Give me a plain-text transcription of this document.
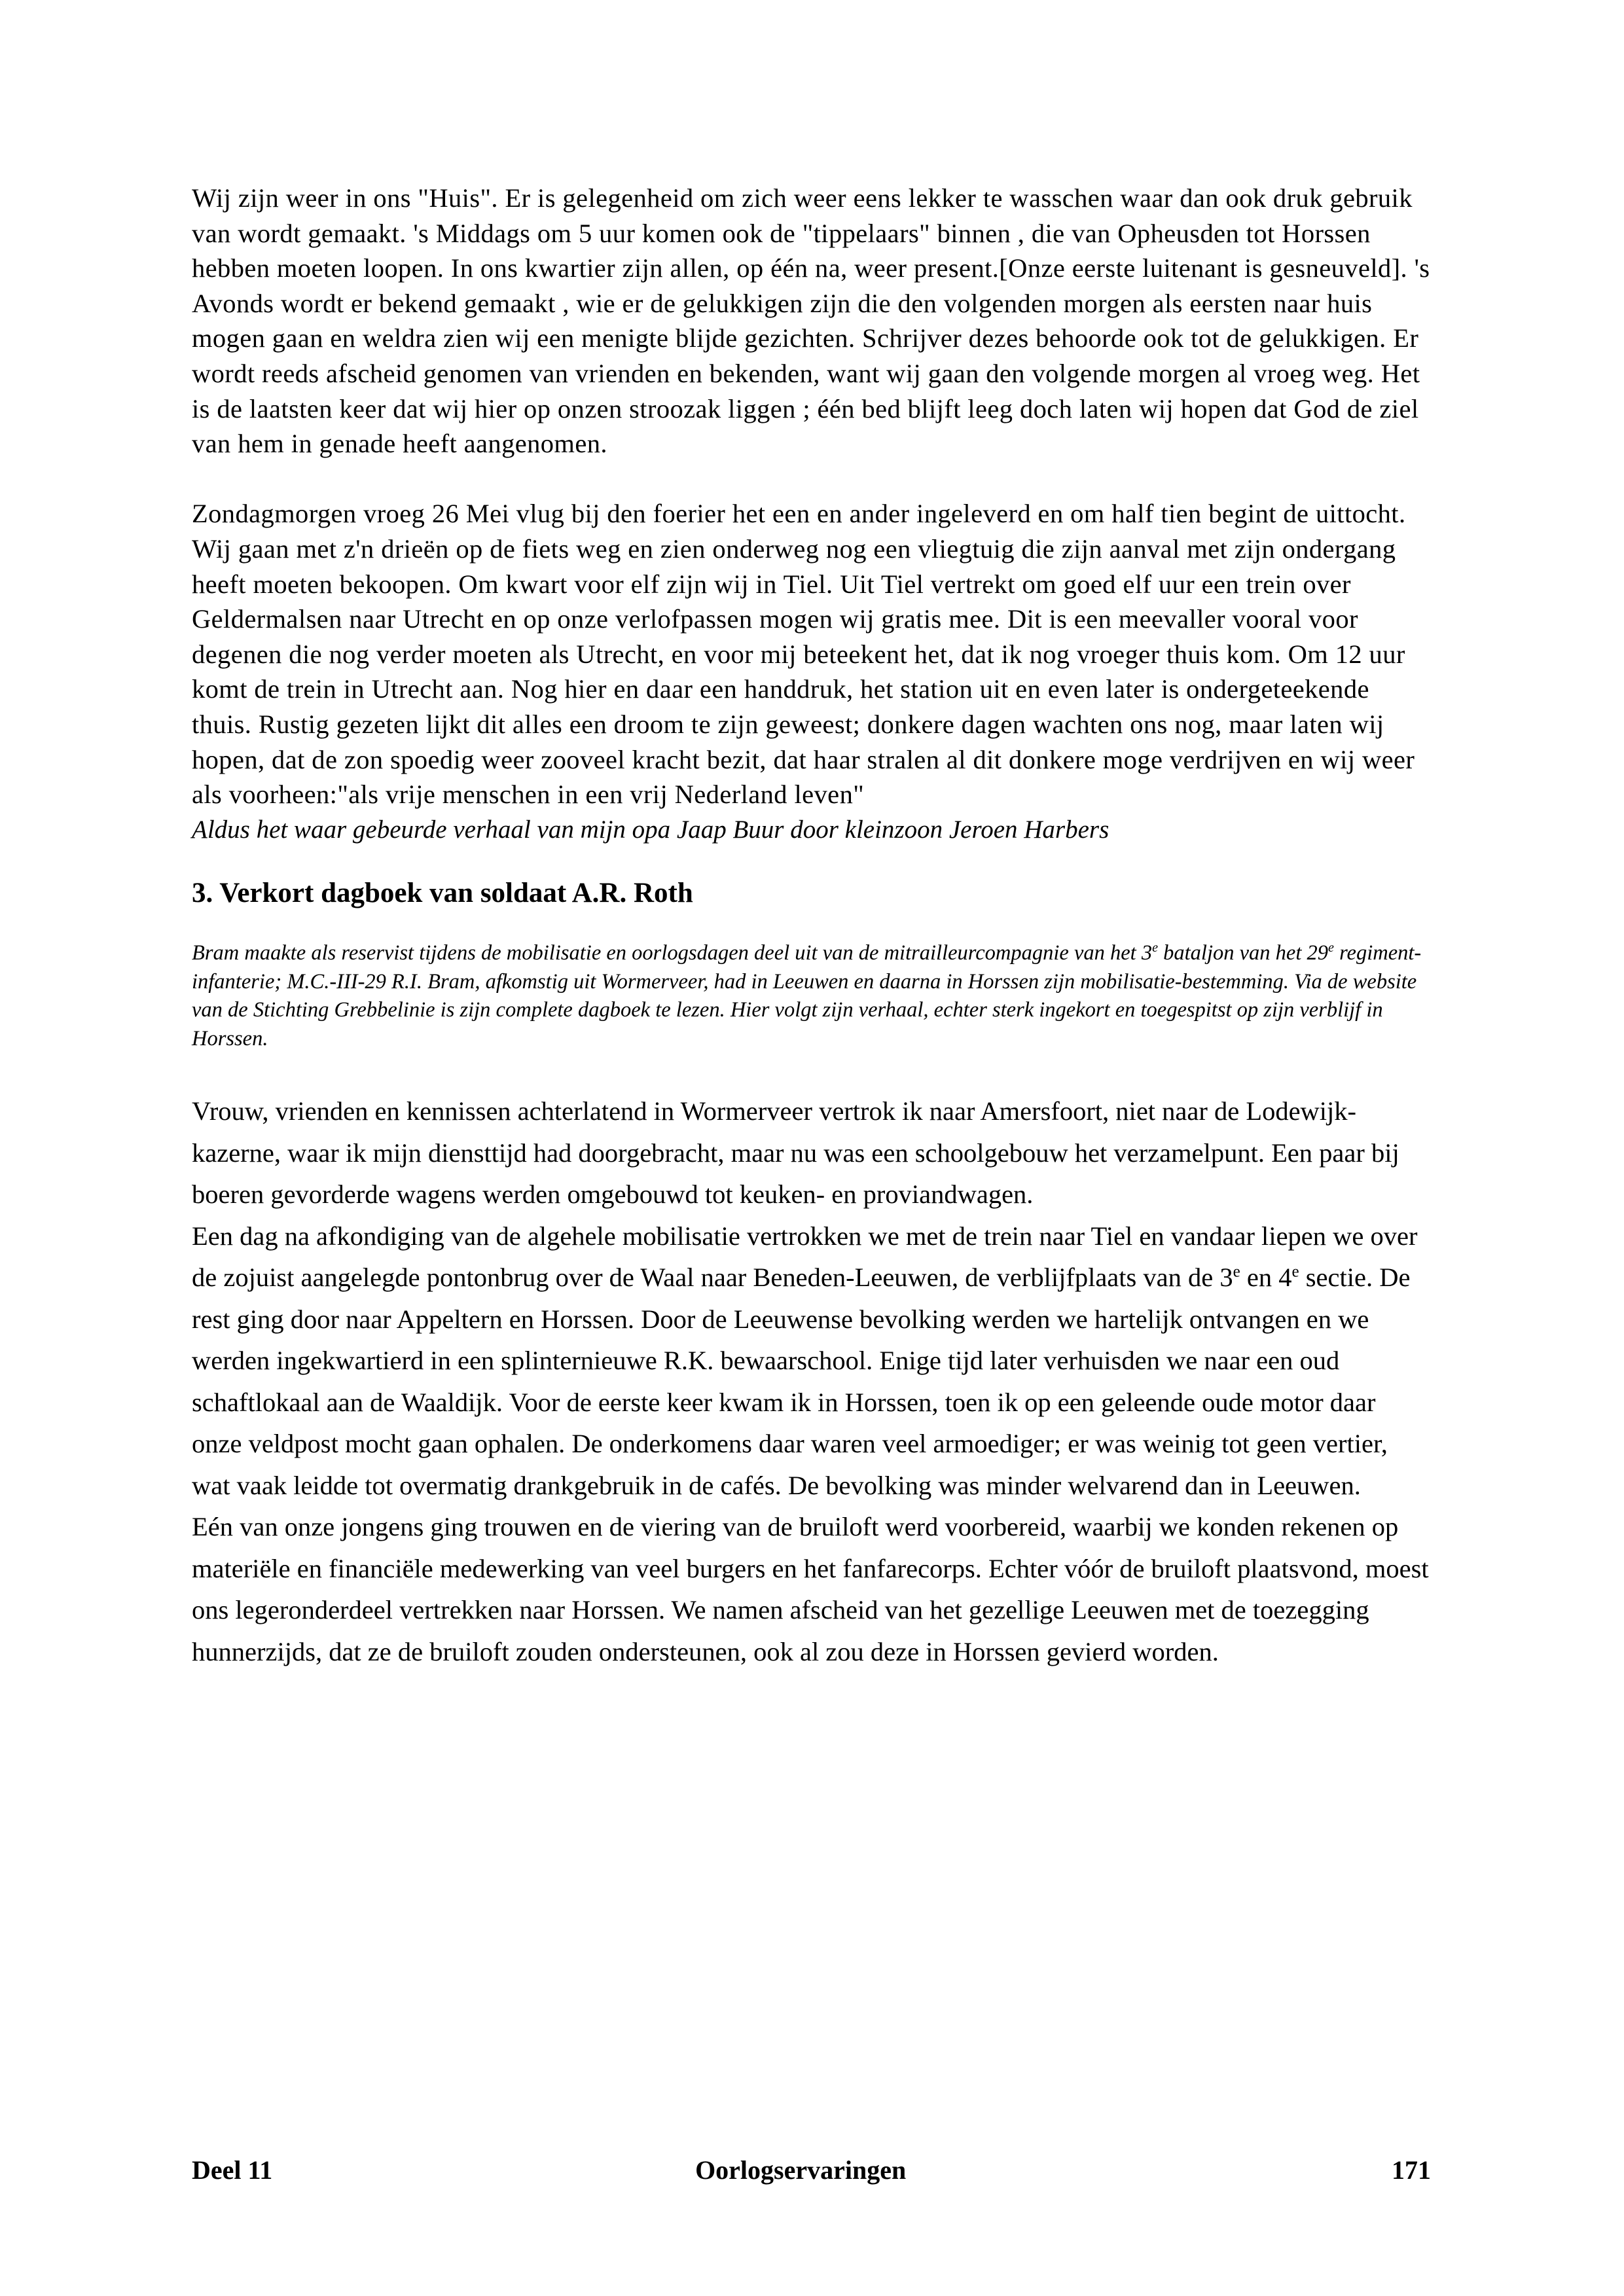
Wij zijn weer in ons "Huis". Er is gelegenheid om zich weer eens lekker te wasschen waar dan ook druk gebruik van wordt gemaakt. 's Middags om 5 uur komen ook de "tippelaars" binnen , die van Opheusden tot Horssen hebben moeten loopen. In ons kwartier zijn allen, op één na, weer present.[Onze eerste luitenant is gesneuveld]. 's Avonds wordt er bekend gemaakt , wie er de gelukkigen zijn die den volgenden morgen als eersten naar huis mogen gaan en weldra zien wij een menigte blijde gezichten. Schrijver dezes behoorde ook tot de gelukkigen. Er wordt reeds afscheid genomen van vrienden en bekenden, want wij gaan den volgende morgen al vroeg weg. Het is de laatsten keer dat wij hier op onzen stroozak liggen ; één bed blijft leeg doch laten wij hopen dat God de ziel van hem in genade heeft aangenomen.

Zondagmorgen vroeg 26 Mei vlug bij den foerier het een en ander ingeleverd en om half tien begint de uittocht. Wij gaan met z'n drieën op de fiets weg en zien onderweg nog een vliegtuig die zijn aanval met zijn ondergang heeft moeten bekoopen. Om kwart voor elf zijn wij in Tiel. Uit Tiel vertrekt om goed elf uur een trein over Geldermalsen naar Utrecht en op onze verlofpassen mogen wij gratis mee. Dit is een meevaller vooral voor degenen die nog verder moeten als Utrecht, en voor mij beteekent het, dat ik nog vroeger thuis kom. Om 12 uur komt de trein in Utrecht aan. Nog hier en daar een handdruk, het station uit en even later is ondergeteekende thuis. Rustig gezeten lijkt dit alles een droom te zijn geweest; donkere dagen wachten ons nog, maar laten wij hopen, dat de zon spoedig weer zooveel kracht bezit, dat haar stralen al dit donkere moge verdrijven en wij weer als voorheen:"als vrije menschen in een vrij Nederland leven"

Aldus het waar gebeurde verhaal van mijn opa Jaap Buur door kleinzoon Jeroen Harbers

3. Verkort dagboek van soldaat A.R. Roth

Bram maakte als reservist tijdens de mobilisatie en oorlogsdagen deel uit van de mitrailleurcompagnie van het 3e bataljon van het 29e regiment-infanterie; M.C.-III-29 R.I. Bram, afkomstig uit Wormerveer, had in Leeuwen en daarna in Horssen zijn mobilisatie-bestemming. Via de website van de Stichting Grebbelinie is zijn complete dagboek te lezen. Hier volgt zijn verhaal, echter sterk ingekort en toegespitst op zijn verblijf in Horssen.

Vrouw, vrienden en kennissen achterlatend in Wormerveer vertrok ik naar Amersfoort, niet naar de Lodewijk-kazerne, waar ik mijn diensttijd had doorgebracht, maar nu was een schoolgebouw het verzamelpunt. Een paar bij boeren gevorderde wagens werden omgebouwd tot keuken- en proviandwagen.

Een dag na afkondiging van de algehele mobilisatie vertrokken we met de trein naar Tiel en vandaar liepen we over de zojuist aangelegde pontonbrug over de Waal naar Beneden-Leeuwen, de verblijfplaats van de 3e en 4e sectie. De rest ging door naar Appeltern en Horssen. Door de Leeuwense bevolking werden we hartelijk ontvangen en we werden ingekwartierd in een splinternieuwe R.K. bewaarschool. Enige tijd later verhuisden we naar een oud schaftlokaal aan de Waaldijk. Voor de eerste keer kwam ik in Horssen, toen ik op een geleende oude motor daar onze veldpost mocht gaan ophalen. De onderkomens daar waren veel armoediger; er was weinig tot geen vertier, wat vaak leidde tot overmatig drankgebruik in de cafés. De bevolking was minder welvarend dan in Leeuwen.

Eén van onze jongens ging trouwen en de viering van de bruiloft werd voorbereid, waarbij we konden rekenen op materiële en financiële medewerking van veel burgers en het fanfarecorps. Echter vóór de bruiloft plaatsvond, moest ons legeronderdeel vertrekken naar Horssen. We namen afscheid van het gezellige Leeuwen met de toezegging hunnerzijds, dat ze de bruiloft zouden ondersteunen, ook al zou deze in Horssen gevierd worden.

Deel 11	Oorlogservaringen	171
